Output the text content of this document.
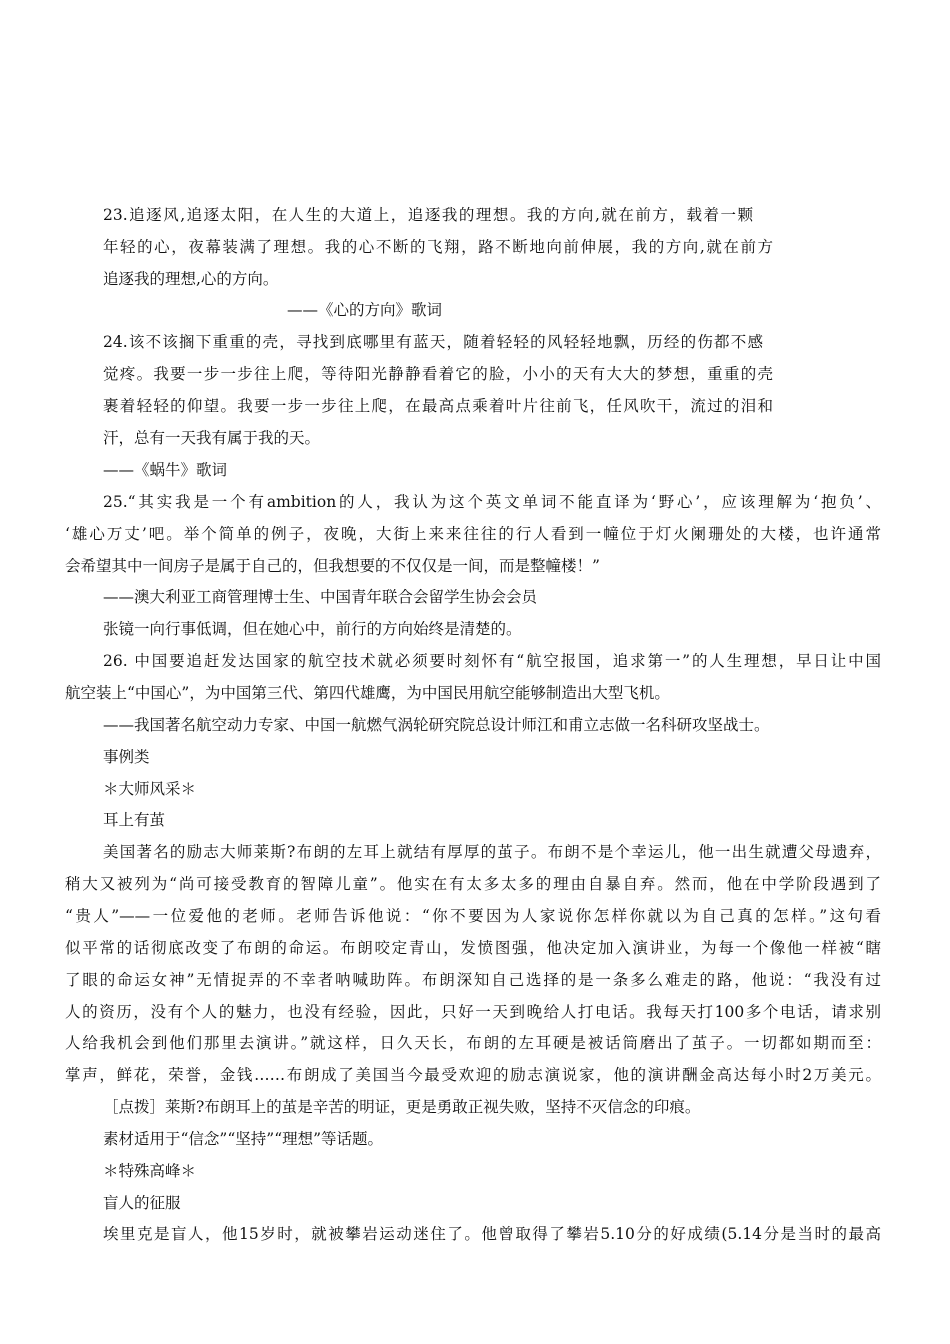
23.追逐风,追逐太阳，在人生的大道上，追逐我的理想。我的方向,就在前方，载着一颗
年轻的心，夜幕装满了理想。我的心不断的飞翔，路不断地向前伸展，我的方向,就在前方
追逐我的理想,心的方向。
——《心的方向》歌词
24.该不该搁下重重的壳，寻找到底哪里有蓝天，随着轻轻的风轻轻地飘，历经的伤都不感
觉疼。我要一步一步往上爬，等待阳光静静看着它的脸，小小的天有大大的梦想，重重的壳
裹着轻轻的仰望。我要一步一步往上爬，在最高点乘着叶片往前飞，任风吹干，流过的泪和
汗，总有一天我有属于我的天。
——《蜗牛》歌词
25.“其实我是一个有ambition的人，我认为这个英文单词不能直译为‘野心’，应该理解为‘抱负’、
‘雄心万丈’吧。举个简单的例子，夜晚，大街上来来往往的行人看到一幢位于灯火阑珊处的大楼，也许通常
会希望其中一间房子是属于自己的，但我想要的不仅仅是一间，而是整幢楼！”
——澳大利亚工商管理博士生、中国青年联合会留学生协会会员
张镜一向行事低调，但在她心中，前行的方向始终是清楚的。
26. 中国要追赶发达国家的航空技术就必须要时刻怀有“航空报国，追求第一”的人生理想，早日让中国
航空装上“中国心”，为中国第三代、第四代雄鹰，为中国民用航空能够制造出大型飞机。
——我国著名航空动力专家、中国一航燃气涡轮研究院总设计师江和甫立志做一名科研攻坚战士。
事例类
＊大师风采＊
耳上有茧
美国著名的励志大师莱斯?布朗的左耳上就结有厚厚的茧子。布朗不是个幸运儿，他一出生就遭父母遗弃，
稍大又被列为“尚可接受教育的智障儿童”。他实在有太多太多的理由自暴自弃。然而，他在中学阶段遇到了
“贵人”——一位爱他的老师。老师告诉他说：“你不要因为人家说你怎样你就以为自己真的怎样。”这句看
似平常的话彻底改变了布朗的命运。布朗咬定青山，发愤图强，他决定加入演讲业，为每一个像他一样被“瞎
了眼的命运女神”无情捉弄的不幸者呐喊助阵。布朗深知自己选择的是一条多么难走的路，他说：“我没有过
人的资历，没有个人的魅力，也没有经验，因此，只好一天到晚给人打电话。我每天打100多个电话，请求别
人给我机会到他们那里去演讲。”就这样，日久天长，布朗的左耳硬是被话筒磨出了茧子。一切都如期而至：
掌声，鲜花，荣誉，金钱……布朗成了美国当今最受欢迎的励志演说家，他的演讲酬金高达每小时2万美元。
［点拨］莱斯?布朗耳上的茧是辛苦的明证，更是勇敢正视失败，坚持不灭信念的印痕。
素材适用于“信念”“坚持”“理想”等话题。
＊特殊高峰＊
盲人的征服
埃里克是盲人，他15岁时，就被攀岩运动迷住了。他曾取得了攀岩5.10分的好成绩(5.14分是当时的最高
